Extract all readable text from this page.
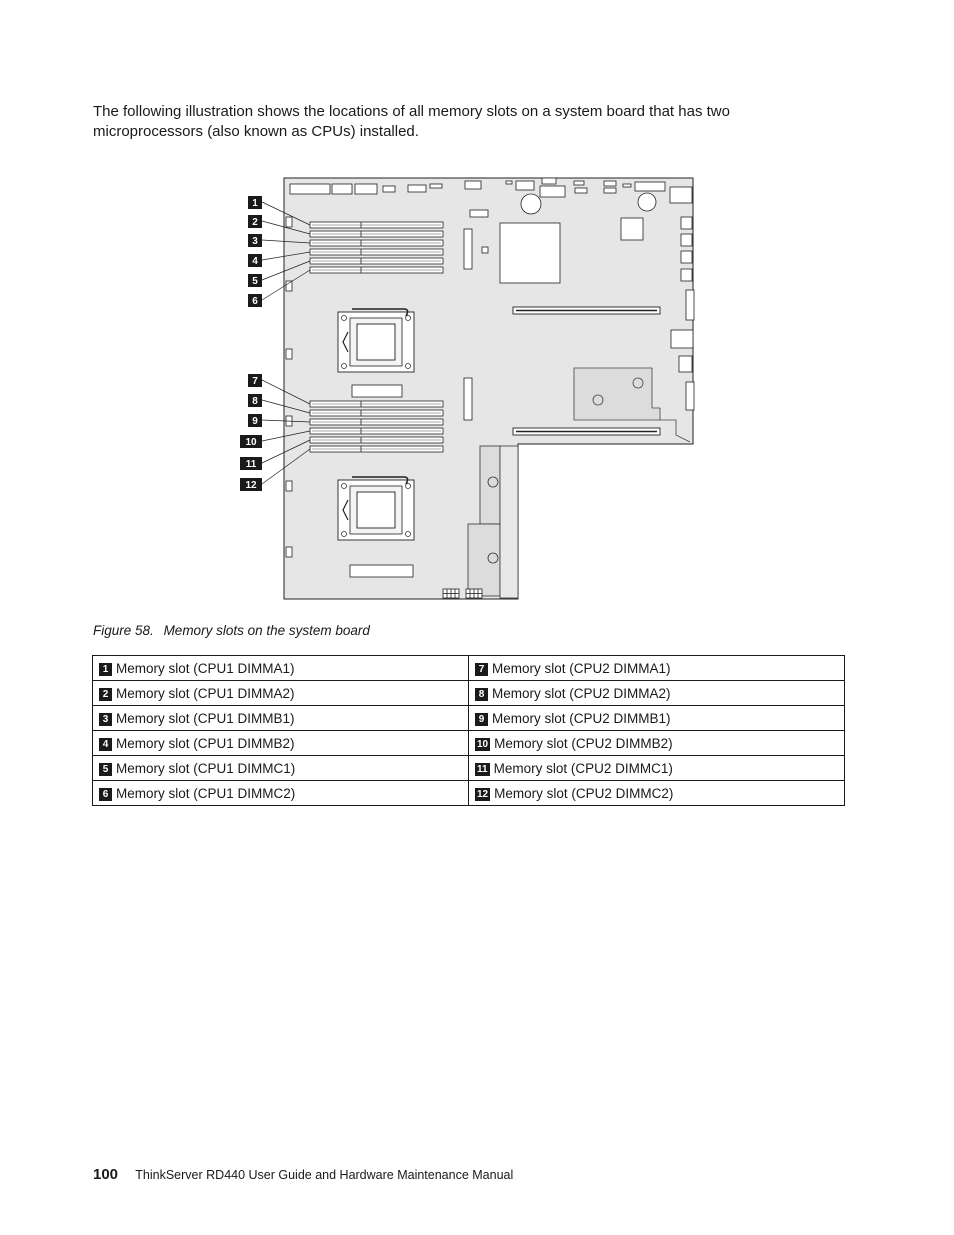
The following illustration shows the locations of all memory slots on a system board that has two microprocessors (also known as CPUs) installed.

1
2
3
4
5
6
7
8
9
10
11
12
Figure 58. Memory slots on the system board
1 Memory slot (CPU1 DIMMA1)	7 Memory slot (CPU2 DIMMA1)
2 Memory slot (CPU1 DIMMA2)	8 Memory slot (CPU2 DIMMA2)
3 Memory slot (CPU1 DIMMB1)	9 Memory slot (CPU2 DIMMB1)
4 Memory slot (CPU1 DIMMB2)	10 Memory slot (CPU2 DIMMB2)
5 Memory slot (CPU1 DIMMC1)	11 Memory slot (CPU2 DIMMC1)
6 Memory slot (CPU1 DIMMC2)	12 Memory slot (CPU2 DIMMC2)
100 ThinkServer RD440 User Guide and Hardware Maintenance Manual
